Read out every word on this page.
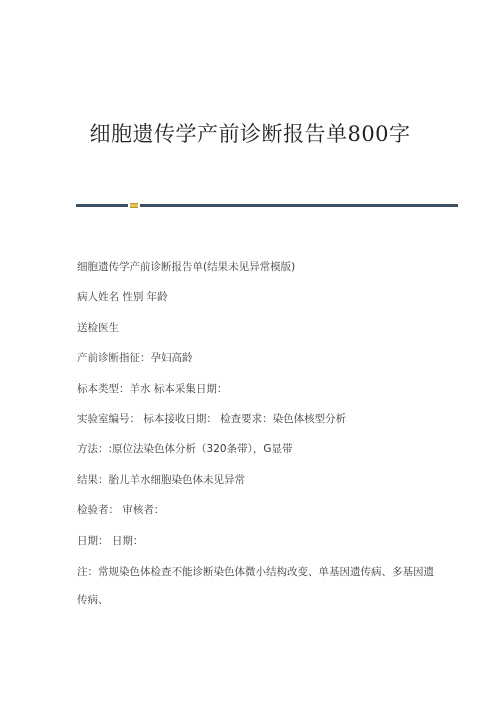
细胞遗传学产前诊断报告单800字
细胞遗传学产前诊断报告单(结果未见异常模版)
病人姓名 性别 年龄
送检医生
产前诊断指征：孕妇高龄
标本类型：羊水 标本采集日期：
实验室编号： 标本接收日期： 检查要求：染色体核型分析
方法：:原位法染色体分析（320条带），G显带
结果：胎儿羊水细胞染色体未见异常
检验者： 审核者：
日期： 日期：
注：常规染色体检查不能诊断染色体微小结构改变、单基因遗传病、多基因遗
传病、
